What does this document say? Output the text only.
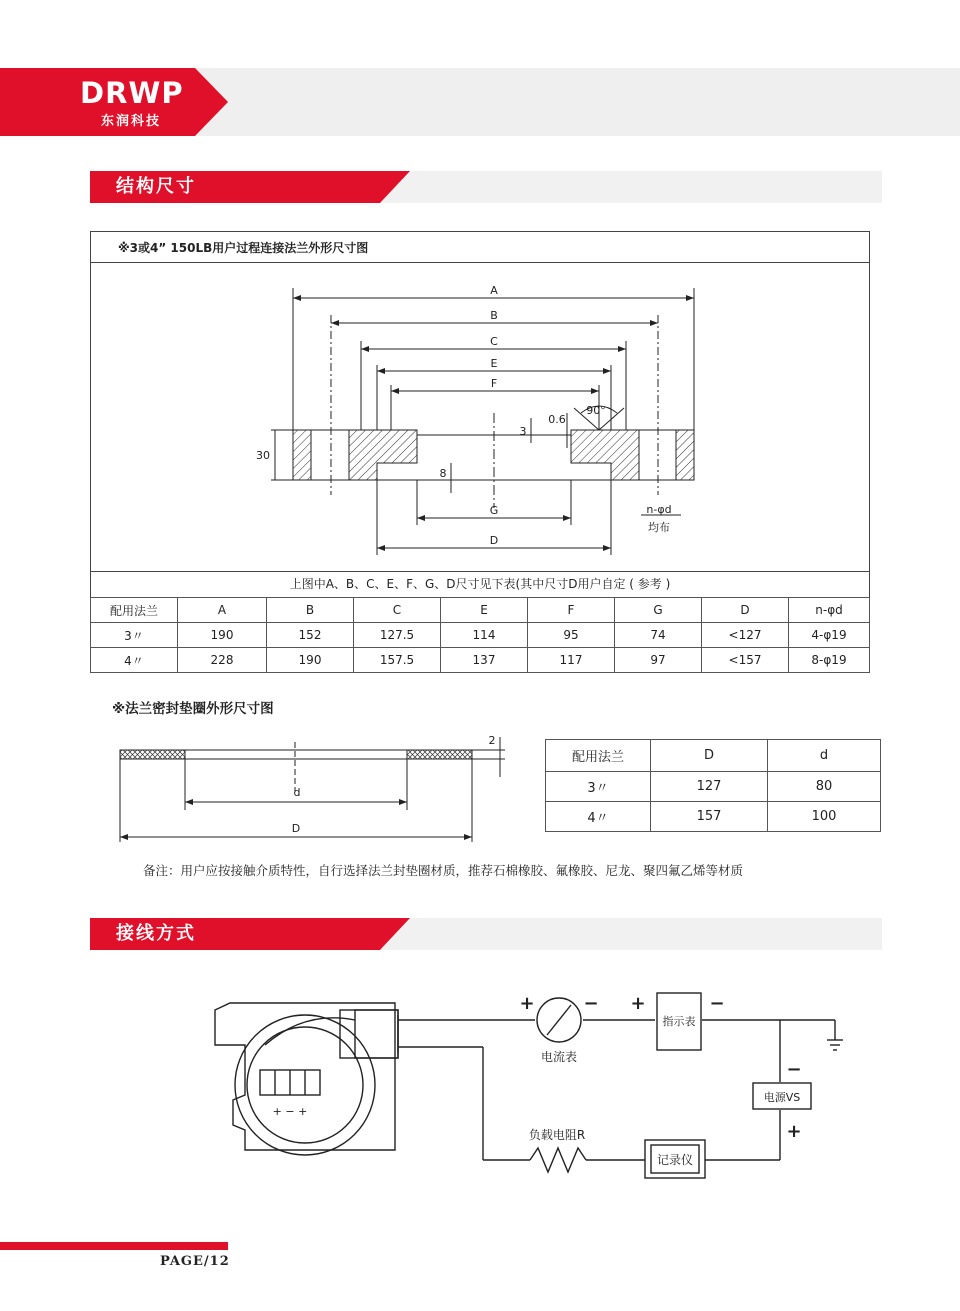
DRWP
东润科技
结构尺寸
※3或4” 150LB用户过程连接法兰外形尺寸图
A
B
C
E
F
G
D
30
8
3
0.6
90°
n-φd
均布
上图中A、B、C、E、F、G、D尺寸见下表(其中尺寸D用户自定 ( 参考 )
配用法兰	A	B	C	E	F	G	D	n-φd
3〃	190	152	127.5	114	95	74	<127	4-φ19
4〃	228	190	157.5	137	117	97	<157	8-φ19
※法兰密封垫圈外形尺寸图
d
D
2
配用法兰	D	d
3〃	127	80
4〃	157	100
备注：用户应按接触介质特性，自行选择法兰封垫圈材质，推荐石棉橡胶、氟橡胶、尼龙、聚四氟乙烯等材质
接线方式
电流表
指示表
电源VS
负载电阻R
记录仪
+ − +
+	− +	−
−
+
PAGE/12
